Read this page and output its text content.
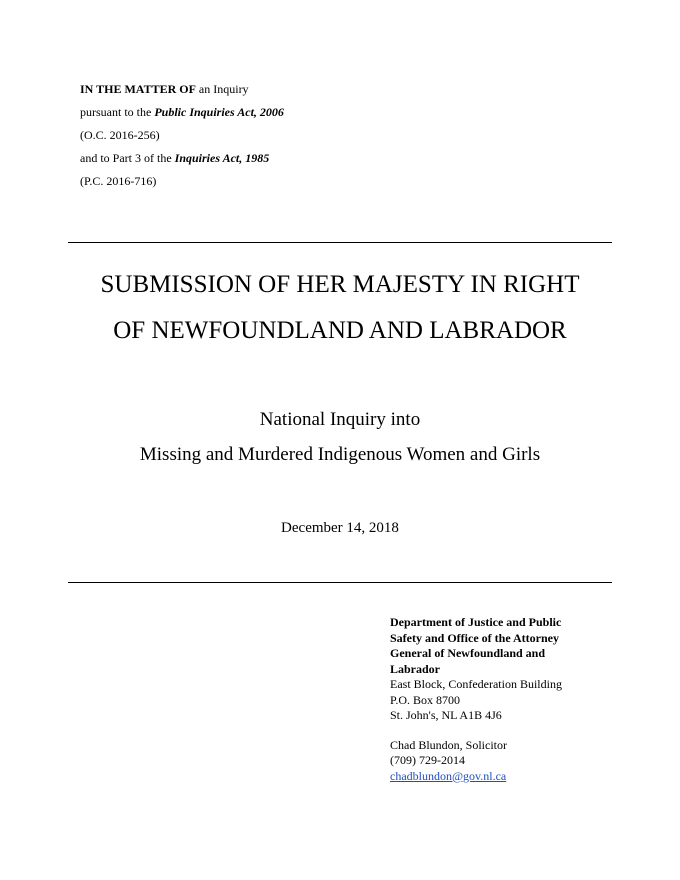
IN THE MATTER OF an Inquiry
pursuant to the Public Inquiries Act, 2006
(O.C. 2016-256)
and to Part 3 of the Inquiries Act, 1985
(P.C. 2016-716)
SUBMISSION OF HER MAJESTY IN RIGHT
OF NEWFOUNDLAND AND LABRADOR
National Inquiry into
Missing and Murdered Indigenous Women and Girls
December 14, 2018
Department of Justice and Public
Safety and Office of the Attorney
General of Newfoundland and
Labrador
East Block, Confederation Building
P.O. Box 8700
St. John's, NL A1B 4J6
Chad Blundon, Solicitor
(709) 729-2014
chadblundon@gov.nl.ca
